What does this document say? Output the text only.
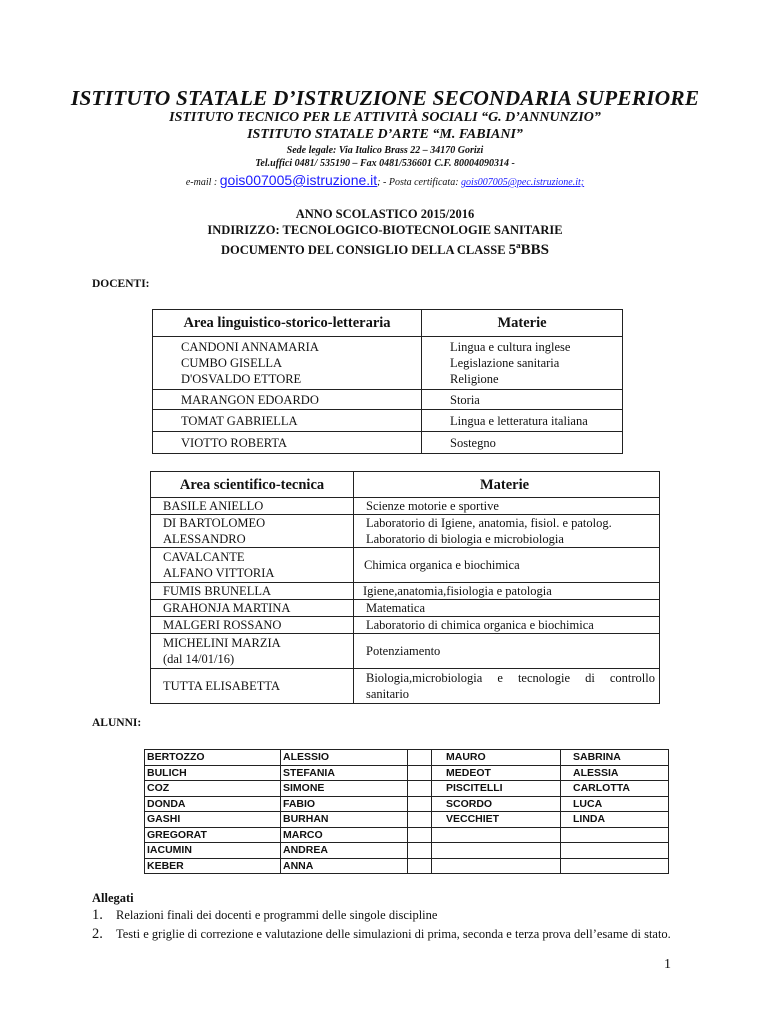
ISTITUTO STATALE D’ISTRUZIONE SECONDARIA SUPERIORE
ISTITUTO TECNICO PER LE ATTIVITÀ SOCIALI “G. D’ANNUNZIO”
ISTITUTO STATALE D’ARTE “M. FABIANI”
Sede legale: Via Italico Brass 22 – 34170 Gorizi
Tel.uffici 0481/ 535190 – Fax 0481/536601 C.F. 80004090314 -
e-mail : gois007005@istruzione.it; - Posta certificata: gois007005@pec.istruzione.it;
ANNO SCOLASTICO 2015/2016
INDIRIZZO: TECNOLOGICO-BIOTECNOLOGIE SANITARIE
DOCUMENTO DEL CONSIGLIO DELLA CLASSE 5ªBBS
DOCENTI:
Area linguistico-storico-letteraria	Materie
CANDONI ANNAMARIA	Lingua e cultura inglese
CUMBO GISELLA	Legislazione sanitaria
D'OSVALDO ETTORE	Religione
MARANGON EDOARDO	Storia
TOMAT GABRIELLA	Lingua e letteratura italiana
VIOTTO ROBERTA	Sostegno
Area scientifico-tecnica	Materie
BASILE ANIELLO	Scienze motorie e sportive
DI BARTOLOMEO
ALESSANDRO	Laboratorio di Igiene, anatomia, fisiol. e patolog.
Laboratorio di biologia e microbiologia
CAVALCANTE
ALFANO VITTORIA	Chimica organica e biochimica
FUMIS BRUNELLA	Igiene,anatomia,fisiologia e patologia
GRAHONJA MARTINA	Matematica
MALGERI ROSSANO	Laboratorio di chimica organica e biochimica
MICHELINI MARZIA
(dal 14/01/16)	Potenziamento
TUTTA ELISABETTA	Biologia,microbiologia e tecnologie di controllo
sanitario
ALUNNI:
BERTOZZO	ALESSIO		MAURO	SABRINA
BULICH	STEFANIA		MEDEOT	ALESSIA
COZ	SIMONE		PISCITELLI	CARLOTTA
DONDA	FABIO		SCORDO	LUCA
GASHI	BURHAN		VECCHIET	LINDA
GREGORAT	MARCO			
IACUMIN	ANDREA			
KEBER	ANNA			
Allegati
1. Relazioni finali dei docenti e programmi delle singole discipline
2. Testi e griglie di correzione e valutazione delle simulazioni di prima, seconda e terza prova dell’esame di stato.
1
